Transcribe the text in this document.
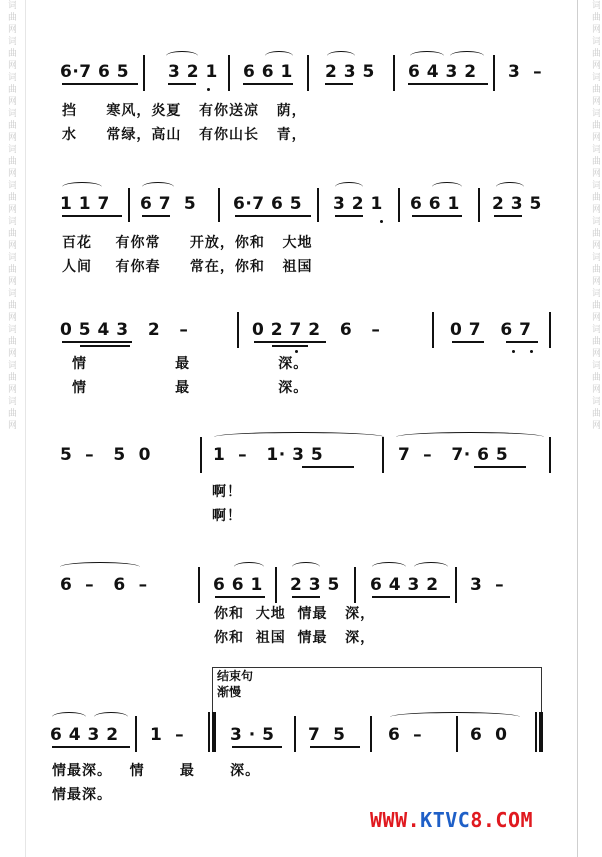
词曲网词曲网词曲网词曲网词曲网词曲网词曲网词曲网词曲网词曲网词曲网词曲网	词曲网词曲网词曲网词曲网词曲网词曲网词曲网词曲网词曲网词曲网词曲网词曲网
6·7 6 5 3 2 1 6 6 1 2 3 5 6 4 3 2 3  –
挡     寒风，炎夏   有你送凉   荫，
水     常绿，高山   有你山长   青，
1 1 7 6 7  5 6·7 6 5 3 2 1 6 6 1 2 3 5
百花    有你常     开放，你和   大地
人间    有你春     常在，你和   祖国
0 5 4 3   2   –	0 2 7 2   6   –	0 7   6 7
情               最               深。
情               最               深。
5  –   5  0	1  –   1· 3 5	7  –   7· 6 5
啊！
啊！
6  –   6  –	6 6 1 2 3 5 6 4 3 2 3  –
你和  大地  情最   深，
你和  祖国  情最   深，
结束句
渐慢
6 4 3 2 1  –	3 · 5 7  5	6  –	6  0
情最深。   情      最      深。
情最深。
WWW.KTVC8.COM
